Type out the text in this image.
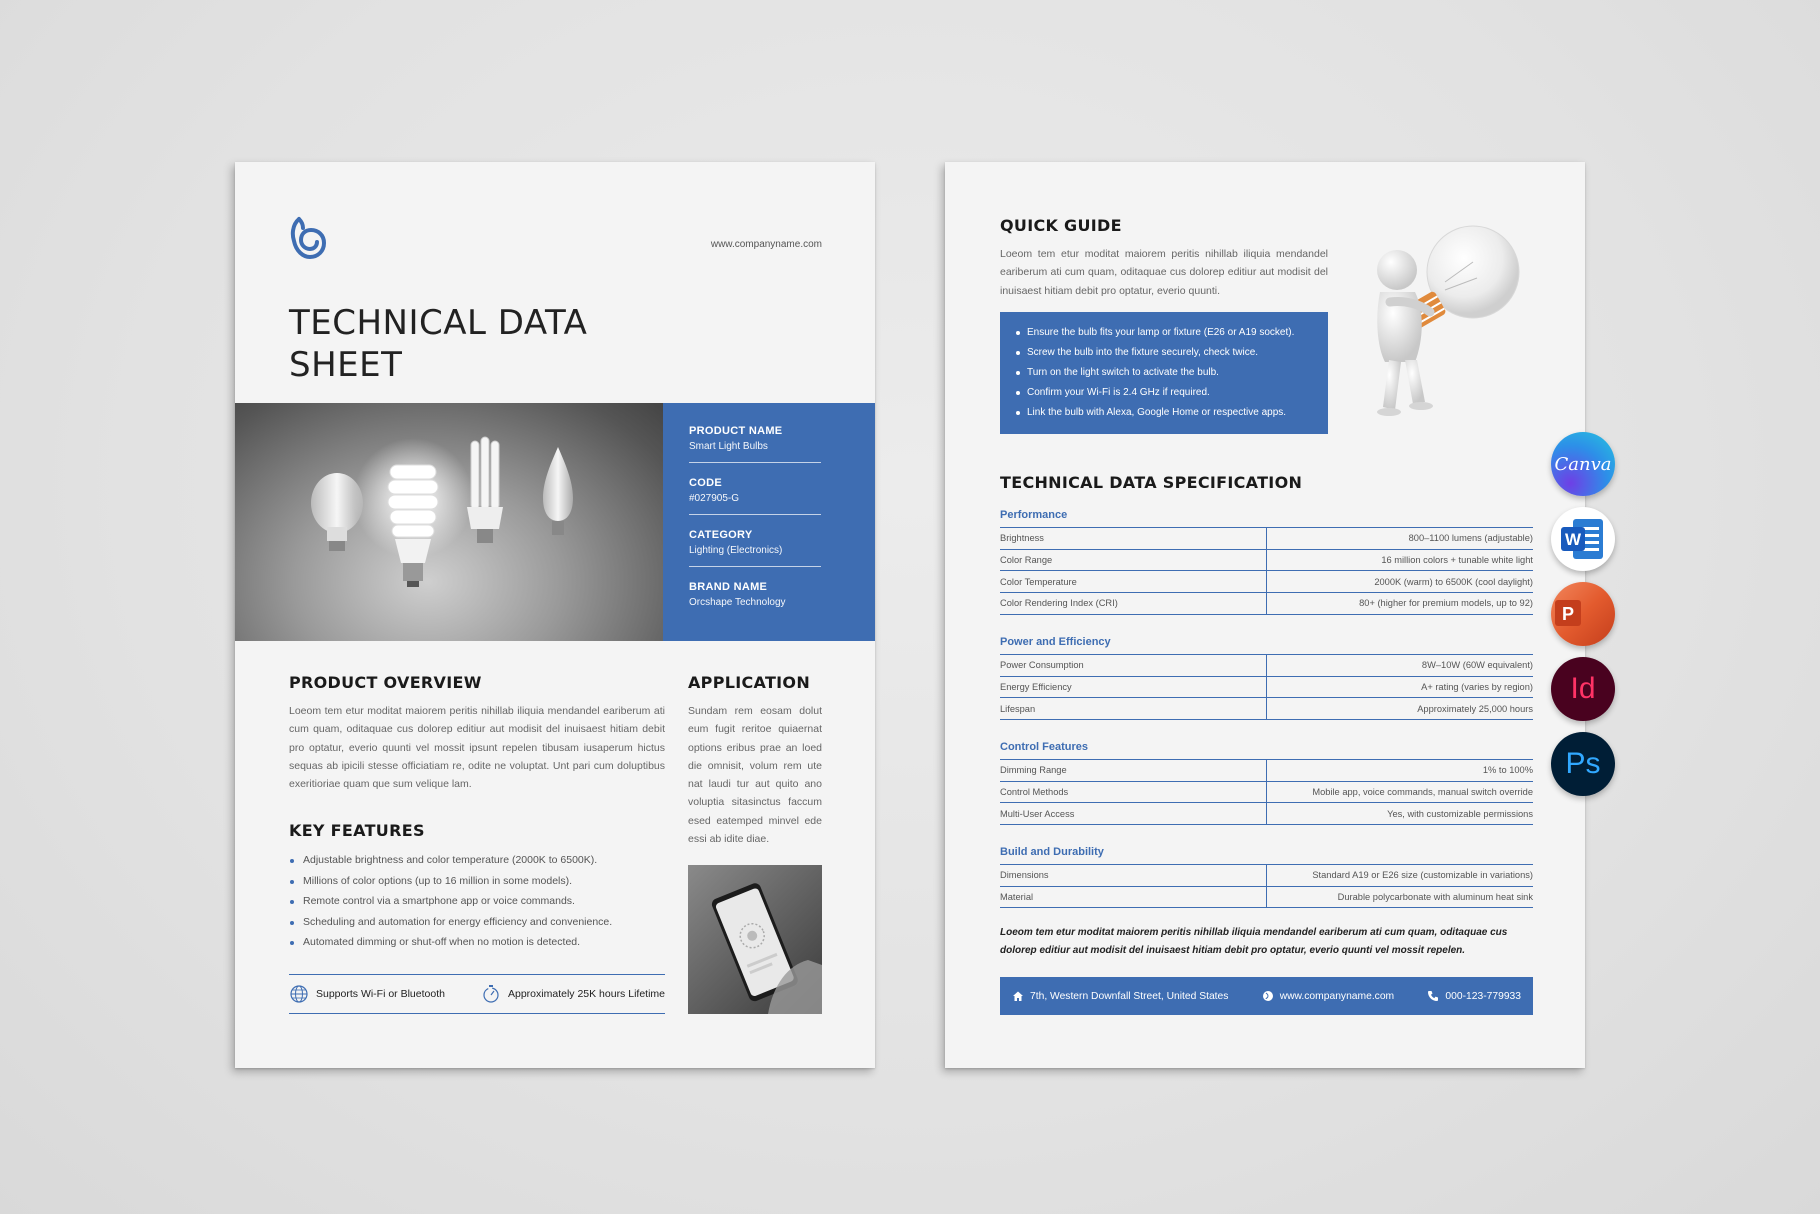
www.companyname.com
TECHNICAL DATA
SHEET
PRODUCT NAME
Smart Light Bulbs
CODE
#027905-G
CATEGORY
Lighting (Electronics)
BRAND NAME
Orcshape Technology
PRODUCT OVERVIEW

Loeom tem etur moditat maiorem peritis nihillab iliquia mendandel eariberum ati cum quam, oditaquae cus dolorep editiur aut modisit del inuisaest hitiam debit pro optatur, everio quunti vel mossit ipsunt repelen tibusam iusaperum hictus sequas ab ipicili stesse officiatiam re, odite ne voluptat. Unt pari cum doluptibus exeritioriae quam que sum velique lam.

APPLICATION

Sundam rem eosam dolut eum fugit reritoe quiaernat options eribus prae an loed die omnisit, volum rem ute nat laudi tur aut quito ano voluptia sitasinctus faccum esed eatemped minvel ede essi ab idite diae.

KEY FEATURES
Adjustable brightness and color temperature (2000K to 6500K).
Millions of color options (up to 16 million in some models).
Remote control via a smartphone app or voice commands.
Scheduling and automation for energy efficiency and convenience.
Automated dimming or shut-off when no motion is detected.
Supports Wi-Fi or Bluetooth	Approximately 25K hours Lifetime
QUICK GUIDE

Loeom tem etur moditat maiorem peritis nihillab iliquia mendandel eariberum ati cum quam, oditaquae cus dolorep editiur aut modisit del inuisaest hitiam debit pro optatur, everio quunti.

Ensure the bulb fits your lamp or fixture (E26 or A19 socket).
Screw the bulb into the fixture securely, check twice.
Turn on the light switch to activate the bulb.
Confirm your Wi-Fi is 2.4 GHz if required.
Link the bulb with Alexa, Google Home or respective apps.
TECHNICAL DATA SPECIFICATION
Performance
Brightness	800–1100 lumens (adjustable)
Color Range	16 million colors + tunable white light
Color Temperature	2000K (warm) to 6500K (cool daylight)
Color Rendering Index (CRI)	80+ (higher for premium models, up to 92)
Power and Efficiency
Power Consumption	8W–10W (60W equivalent)
Energy Efficiency	A+ rating (varies by region)
Lifespan	Approximately 25,000 hours
Control Features
Dimming Range	1% to 100%
Control Methods	Mobile app, voice commands, manual switch override
Multi-User Access	Yes, with customizable permissions
Build and Durability
Dimensions	Standard A19 or E26 size (customizable in variations)
Material	Durable polycarbonate with aluminum heat sink

Loeom tem etur moditat maiorem peritis nihillab iliquia mendandel eariberum ati cum quam, oditaquae cus dolorep editiur aut modisit del inuisaest hitiam debit pro optatur, everio quunti vel mossit repelen.

7th, Western Downfall Street, United States	www.companyname.com	000-123-779933
Canva
W
P
Id
Ps
